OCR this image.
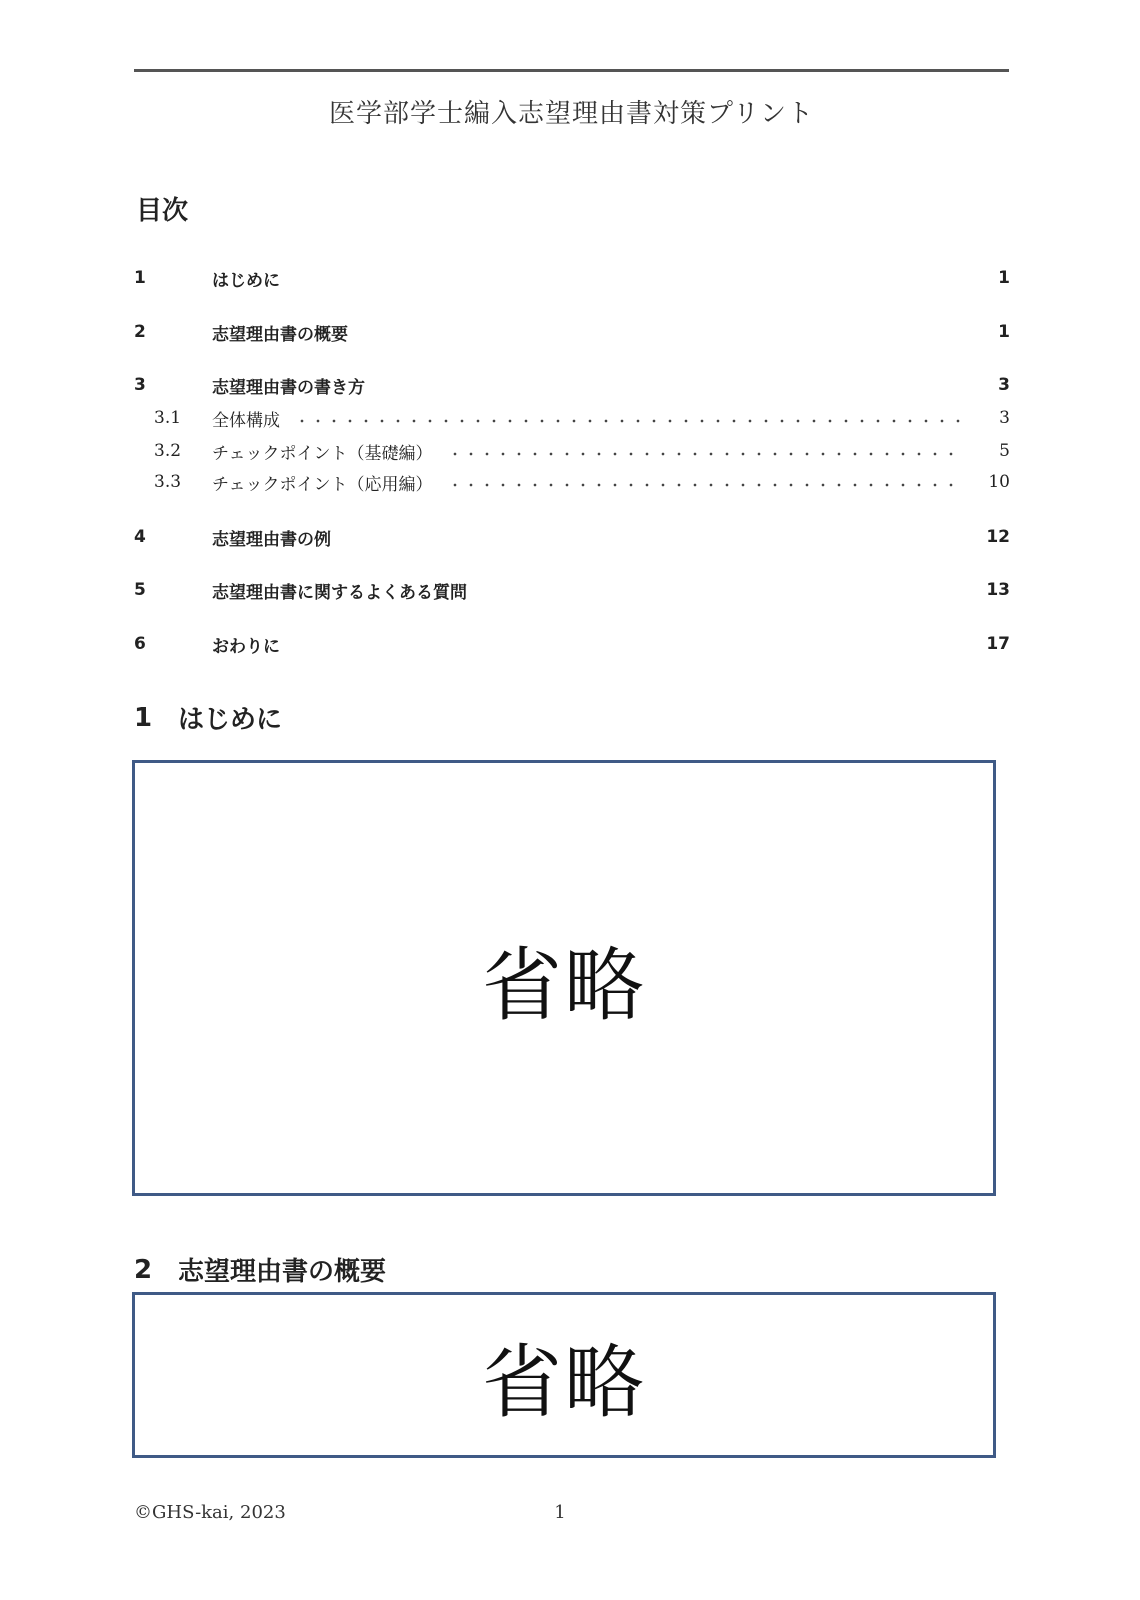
医学部学士編入志望理由書対策プリント
目次
1	はじめに	1
2	志望理由書の概要	1
3	志望理由書の書き方	3
3.1	全体構成	3
3.2	チェックポイント（基礎編）	5
3.3	チェックポイント（応用編）	10
4	志望理由書の例	12
5	志望理由書に関するよくある質問	13
6	おわりに	17
1 はじめに
省略
2 志望理由書の概要
省略
©GHS-kai, 2023	1
